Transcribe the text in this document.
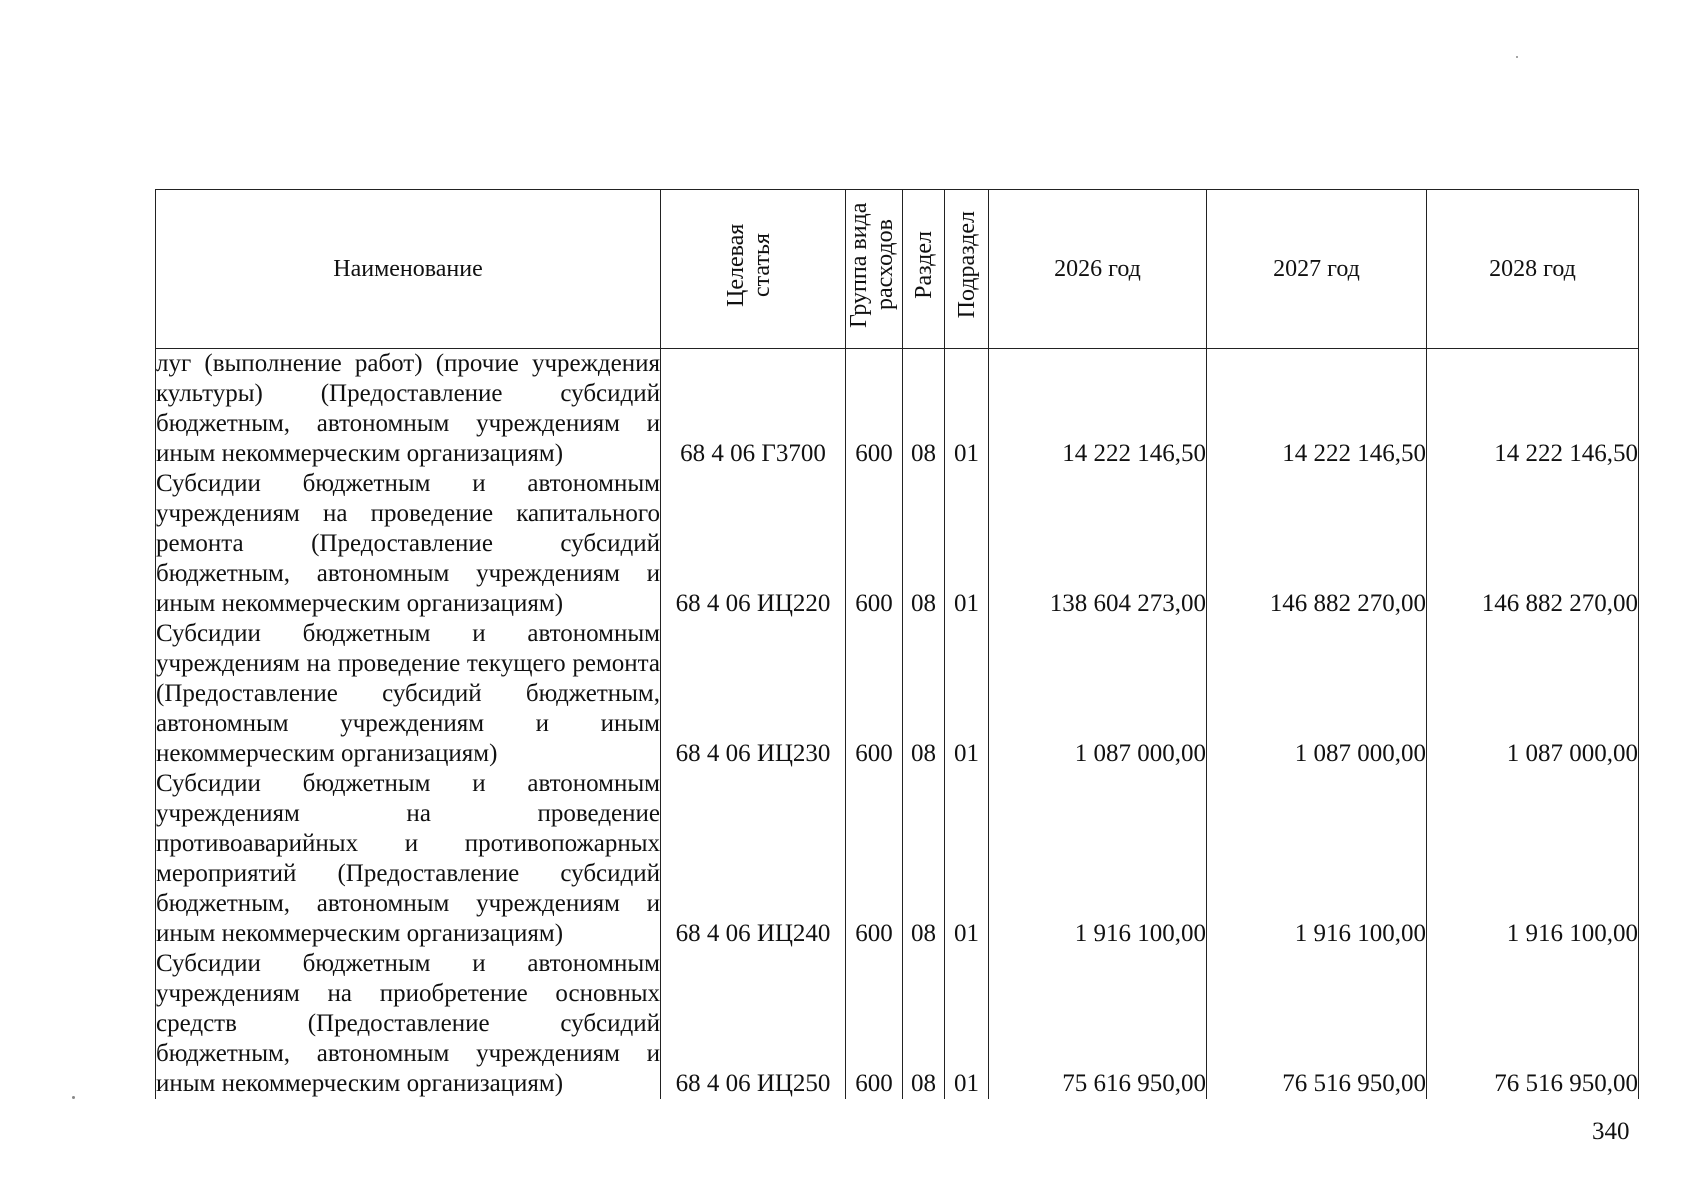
Наименование	Целевая статья	Группа вида расходов	Раздел	Подраздел	2026 год	2027 год	2028 год
луг (выполнение работ) (прочие учреждения культуры) (Предоставление субсидий бюджетным, автономным учреждениям и иным некоммерческим организациям)	68 4 06 Г3700	600	08	01	14 222 146,50	14 222 146,50	14 222 146,50
Субсидии бюджетным и автономным учреждениям на проведение капитального ремонта (Предоставление субсидий бюджетным, автономным учреждениям и иным некоммерческим организациям)	68 4 06 ИЦ220	600	08	01	138 604 273,00	146 882 270,00	146 882 270,00
Субсидии бюджетным и автономным учреждениям на проведение текущего ремонта (Предоставление субсидий бюджетным, автономным учреждениям и иным некоммерческим организациям)	68 4 06 ИЦ230	600	08	01	1 087 000,00	1 087 000,00	1 087 000,00
Субсидии бюджетным и автономным учреждениям на проведение противоаварийных и противопожарных мероприятий (Предоставление субсидий бюджетным, автономным учреждениям и иным некоммерческим организациям)	68 4 06 ИЦ240	600	08	01	1 916 100,00	1 916 100,00	1 916 100,00
Субсидии бюджетным и автономным учреждениям на приобретение основных средств (Предоставление субсидий бюджетным, автономным учреждениям и иным некоммерческим организациям)	68 4 06 ИЦ250	600	08	01	75 616 950,00	76 516 950,00	76 516 950,00
340
